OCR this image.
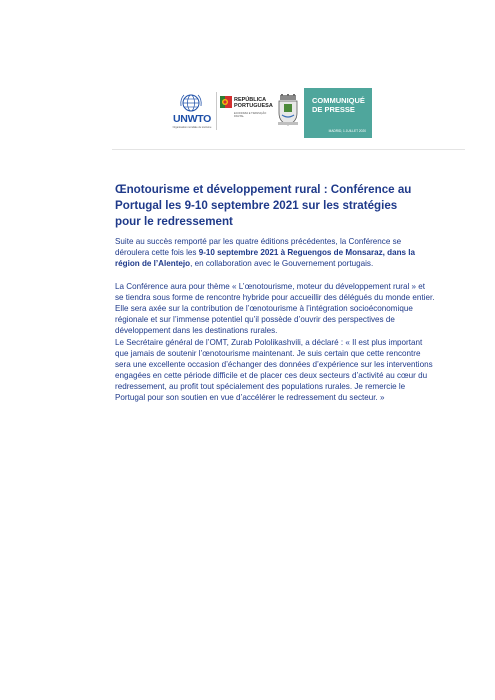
UNWTO
Organisation mondiale du tourisme
REPÚBLICA
PORTUGUESA
ECONOMIA E TRANSIÇÃO DIGITAL
COMMUNIQUÉ
DE PRESSE
MADRID, 1 JUILLET 2020
Œnotourisme et développement rural : Conférence au Portugal les 9-10 septembre 2021 sur les stratégies pour le redressement

Suite au succès remporté par les quatre éditions précédentes, la Conférence se déroulera cette fois les 9-10 septembre 2021 à Reguengos de Monsaraz, dans la région de l’Alentejo, en collaboration avec le Gouvernement portugais.

La Conférence aura pour thème « L’œnotourisme, moteur du développement rural » et se tiendra sous forme de rencontre hybride pour accueillir des délégués du monde entier. Elle sera axée sur la contribution de l’œnotourisme à l’intégration socioéconomique régionale et sur l’immense potentiel qu’il possède d’ouvrir des perspectives de développement dans les destinations rurales.

Le Secrétaire général de l’OMT, Zurab Pololikashvili, a déclaré : « Il est plus important que jamais de soutenir l’œnotourisme maintenant. Je suis certain que cette rencontre sera une excellente occasion d’échanger des données d’expérience sur les interventions engagées en cette période difficile et de placer ces deux secteurs d’activité au cœur du redressement, au profit tout spécialement des populations rurales. Je remercie le Portugal pour son soutien en vue d’accélérer le redressement du secteur. »
